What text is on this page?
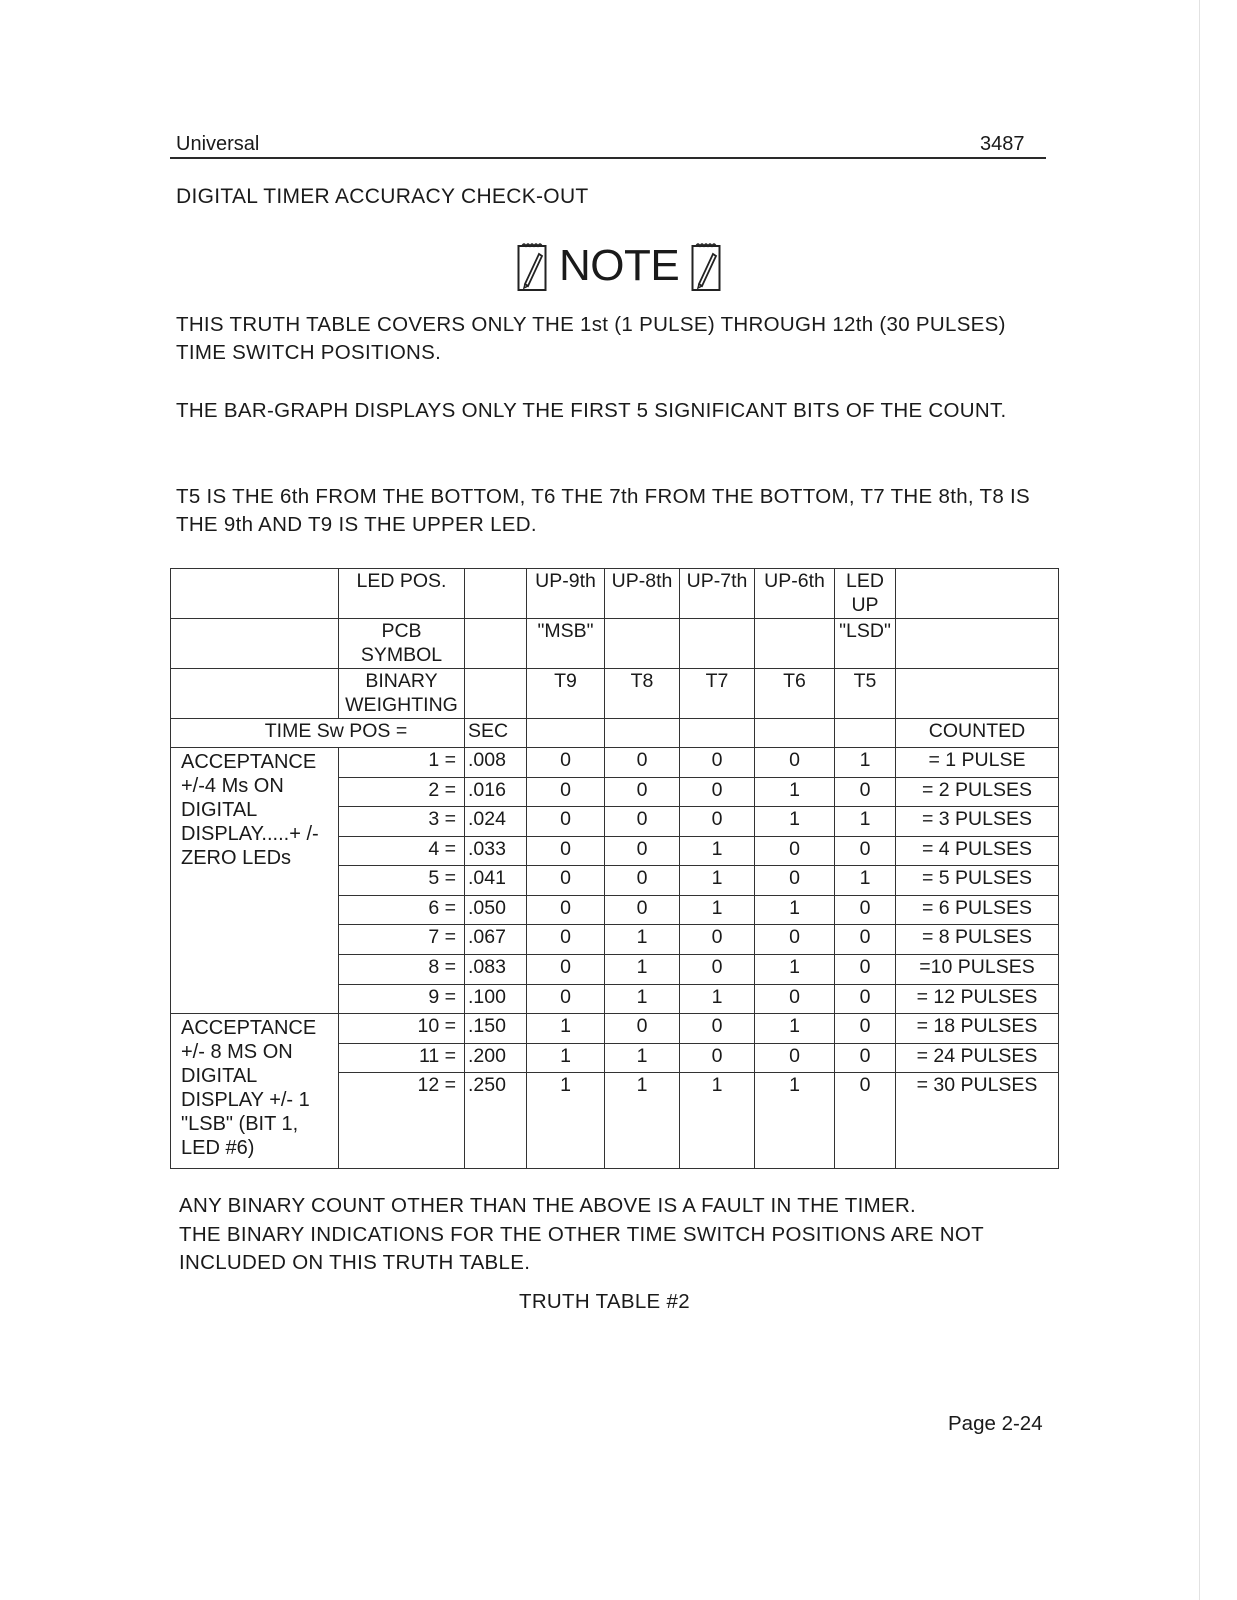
Universal	3487
DIGITAL TIMER ACCURACY CHECK-OUT
NOTE
THIS TRUTH TABLE COVERS ONLY THE 1st (1 PULSE) THROUGH 12th (30 PULSES) TIME SWITCH POSITIONS.
THE BAR-GRAPH DISPLAYS ONLY THE FIRST 5 SIGNIFICANT BITS OF THE COUNT.
T5 IS THE 6th FROM THE BOTTOM, T6 THE 7th FROM THE BOTTOM, T7 THE 8th, T8 IS THE 9th AND T9 IS THE UPPER LED.
	LED POS.		UP-9th	UP-8th	UP-7th	UP-6th	LED UP	
	PCB SYMBOL		"MSB"				"LSD"	
	BINARY WEIGHTING		T9	T8	T7	T6	T5	
TIME Sw POS =		SEC						COUNTED
ACCEPTANCE +/-4 Ms ON DIGITAL DISPLAY.....+ /- ZERO LEDs	1 =	.008	0	0	0	0	1	= 1 PULSE
	2 =	.016	0	0	0	1	0	= 2 PULSES
	3 =	.024	0	0	0	1	1	= 3 PULSES
	4 =	.033	0	0	1	0	0	= 4 PULSES
	5 =	.041	0	0	1	0	1	= 5 PULSES
	6 =	.050	0	0	1	1	0	= 6 PULSES
	7 =	.067	0	1	0	0	0	= 8 PULSES
	8 =	.083	0	1	0	1	0	=10 PULSES
	9 =	.100	0	1	1	0	0	= 12 PULSES
ACCEPTANCE +/- 8 MS ON DIGITAL DISPLAY +/- 1 "LSB" (BIT 1, LED #6)	10 =	.150	1	0	0	1	0	= 18 PULSES
	11 =	.200	1	1	0	0	0	= 24 PULSES
	12 =	.250	1	1	1	1	0	= 30 PULSES
ANY BINARY COUNT OTHER THAN THE ABOVE IS A FAULT IN THE TIMER.
THE BINARY INDICATIONS FOR THE OTHER TIME SWITCH POSITIONS ARE NOT INCLUDED ON THIS TRUTH TABLE.
TRUTH TABLE #2
Page 2-24
